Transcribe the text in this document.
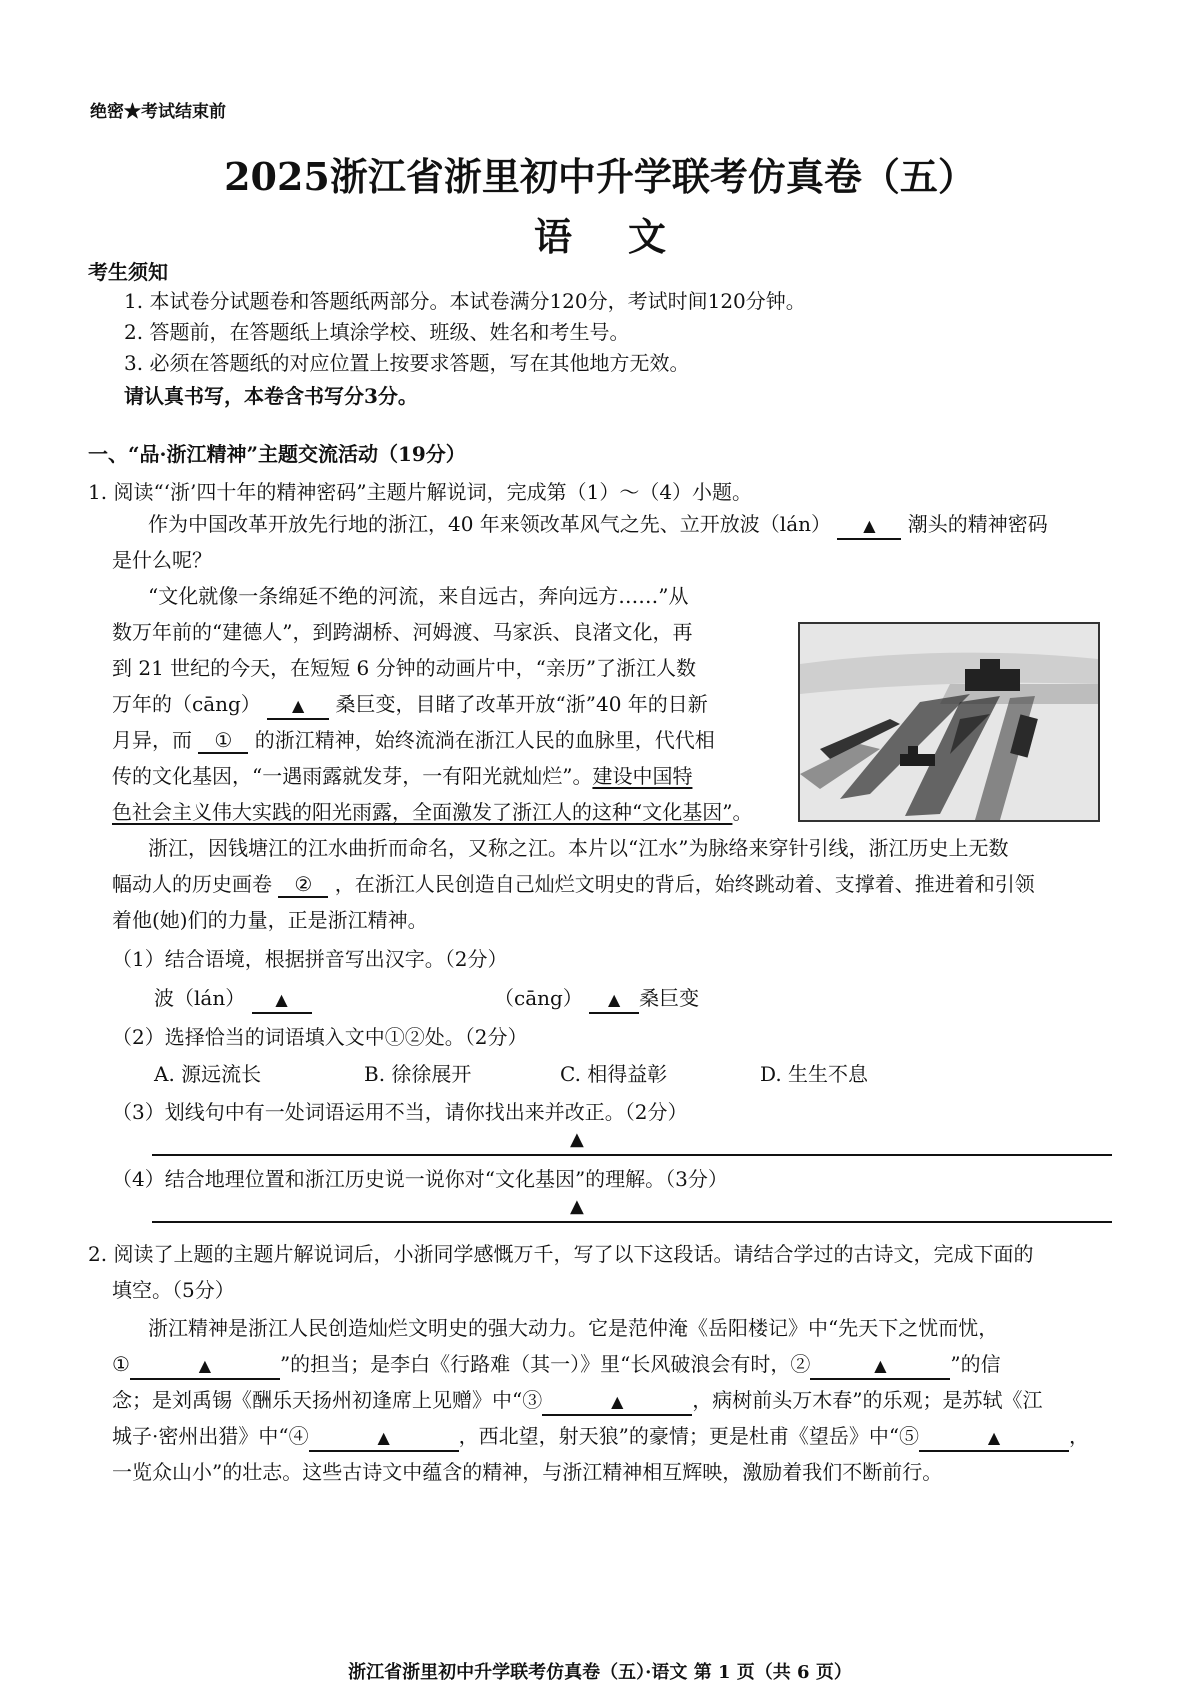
绝密★考试结束前
2025浙江省浙里初中升学联考仿真卷（五）
语文
考生须知
1. 本试卷分试题卷和答题纸两部分。本试卷满分120分，考试时间120分钟。
2. 答题前，在答题纸上填涂学校、班级、姓名和考生号。
3. 必须在答题纸的对应位置上按要求答题，写在其他地方无效。
请认真书写，本卷含书写分3分。
一、“品·浙江精神”主题交流活动（19分）
1. 阅读“‘浙’四十年的精神密码”主题片解说词，完成第（1）～（4）小题。
作为中国改革开放先行地的浙江，40 年来领改革风气之先、立开放波（lán） ▲ 潮头的精神密码
是什么呢？
“文化就像一条绵延不绝的河流，来自远古，奔向远方……”从
数万年前的“建德人”，到跨湖桥、河姆渡、马家浜、良渚文化，再
到 21 世纪的今天，在短短 6 分钟的动画片中，“亲历”了浙江人数
万年的（cāng） ▲ 桑巨变，目睹了改革开放“浙”40 年的日新
月异，而 ① 的浙江精神，始终流淌在浙江人民的血脉里，代代相
传的文化基因，“一遇雨露就发芽，一有阳光就灿烂”。建设中国特
色社会主义伟大实践的阳光雨露，全面激发了浙江人的这种“文化基因”。
浙江，因钱塘江的江水曲折而命名，又称之江。本片以“江水”为脉络来穿针引线，浙江历史上无数
幅动人的历史画卷 ② ，在浙江人民创造自己灿烂文明史的背后，始终跳动着、支撑着、推进着和引领
着他(她)们的力量，正是浙江精神。
（1）结合语境，根据拼音写出汉字。（2分）
波（lán） ▲	（cāng） ▲ 桑巨变
（2）选择恰当的词语填入文中①②处。（2分）
A. 源远流长	B. 徐徐展开	C. 相得益彰	D. 生生不息
（3）划线句中有一处词语运用不当，请你找出来并改正。（2分）
▲
（4）结合地理位置和浙江历史说一说你对“文化基因”的理解。（3分）
▲
2. 阅读了上题的主题片解说词后，小浙同学感慨万千，写了以下这段话。请结合学过的古诗文，完成下面的
填空。（5分）
浙江精神是浙江人民创造灿烂文明史的强大动力。它是范仲淹《岳阳楼记》中“先天下之忧而忧，
①	▲	”的担当；是李白《行路难（其一）》里“长风破浪会有时，②	▲	”的信
念；是刘禹锡《酬乐天扬州初逢席上见赠》中“③	▲	，病树前头万木春”的乐观；是苏轼《江
城子·密州出猎》中“④	▲	，西北望，射天狼”的豪情；更是杜甫《望岳》中“⑤	▲	，
一览众山小”的壮志。这些古诗文中蕴含的精神，与浙江精神相互辉映，激励着我们不断前行。
浙江省浙里初中升学联考仿真卷（五）·语文 第 1 页（共 6 页）
